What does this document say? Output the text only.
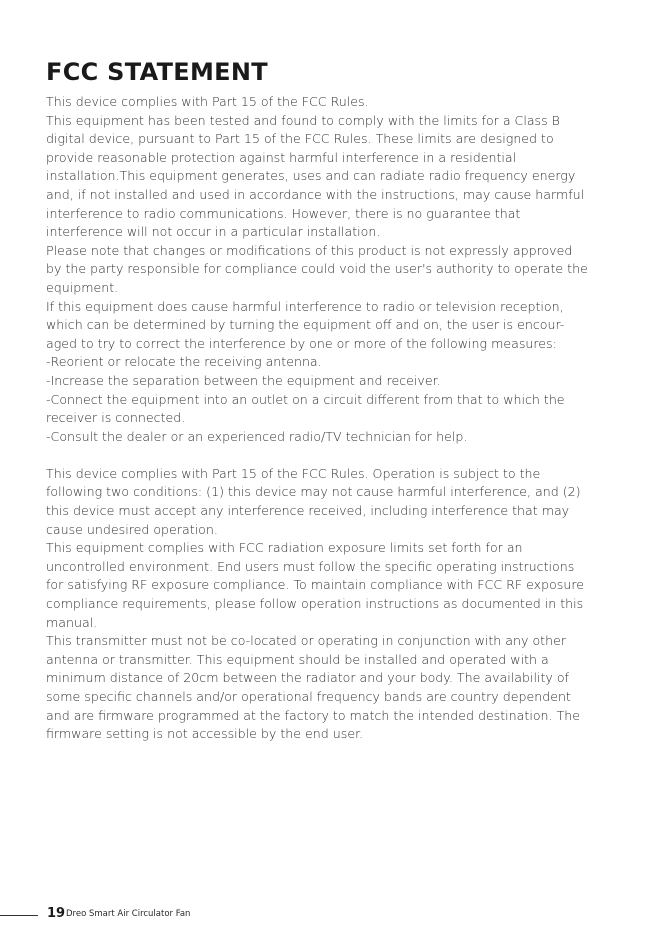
FCC STATEMENT
This device complies with Part 15 of the FCC Rules.
This equipment has been tested and found to comply with the limits for a Class B
digital device, pursuant to Part 15 of the FCC Rules. These limits are designed to
provide reasonable protection against harmful interference in a residential
installation.This equipment generates, uses and can radiate radio frequency energy
and, if not installed and used in accordance with the instructions, may cause harmful
interference to radio communications. However, there is no guarantee that
interference will not occur in a particular installation.
Please note that changes or modifications of this product is not expressly approved
by the party responsible for compliance could void the user's authority to operate the
equipment.
If this equipment does cause harmful interference to radio or television reception,
which can be determined by turning the equipment off and on, the user is encour-
aged to try to correct the interference by one or more of the following measures:
-Reorient or relocate the receiving antenna.
-Increase the separation between the equipment and receiver.
-Connect the equipment into an outlet on a circuit different from that to which the
receiver is connected.
-Consult the dealer or an experienced radio/TV technician for help.
This device complies with Part 15 of the FCC Rules. Operation is subject to the
following two conditions: (1) this device may not cause harmful interference, and (2)
this device must accept any interference received, including interference that may
cause undesired operation.
This equipment complies with FCC radiation exposure limits set forth for an
uncontrolled environment. End users must follow the specific operating instructions
for satisfying RF exposure compliance. To maintain compliance with FCC RF exposure
compliance requirements, please follow operation instructions as documented in this
manual.
This transmitter must not be co-located or operating in conjunction with any other
antenna or transmitter. This equipment should be installed and operated with a
minimum distance of 20cm between the radiator and your body. The availability of
some specific channels and/or operational frequency bands are country dependent
and are firmware programmed at the factory to match the intended destination. The
firmware setting is not accessible by the end user.
19 Dreo Smart Air Circulator Fan
